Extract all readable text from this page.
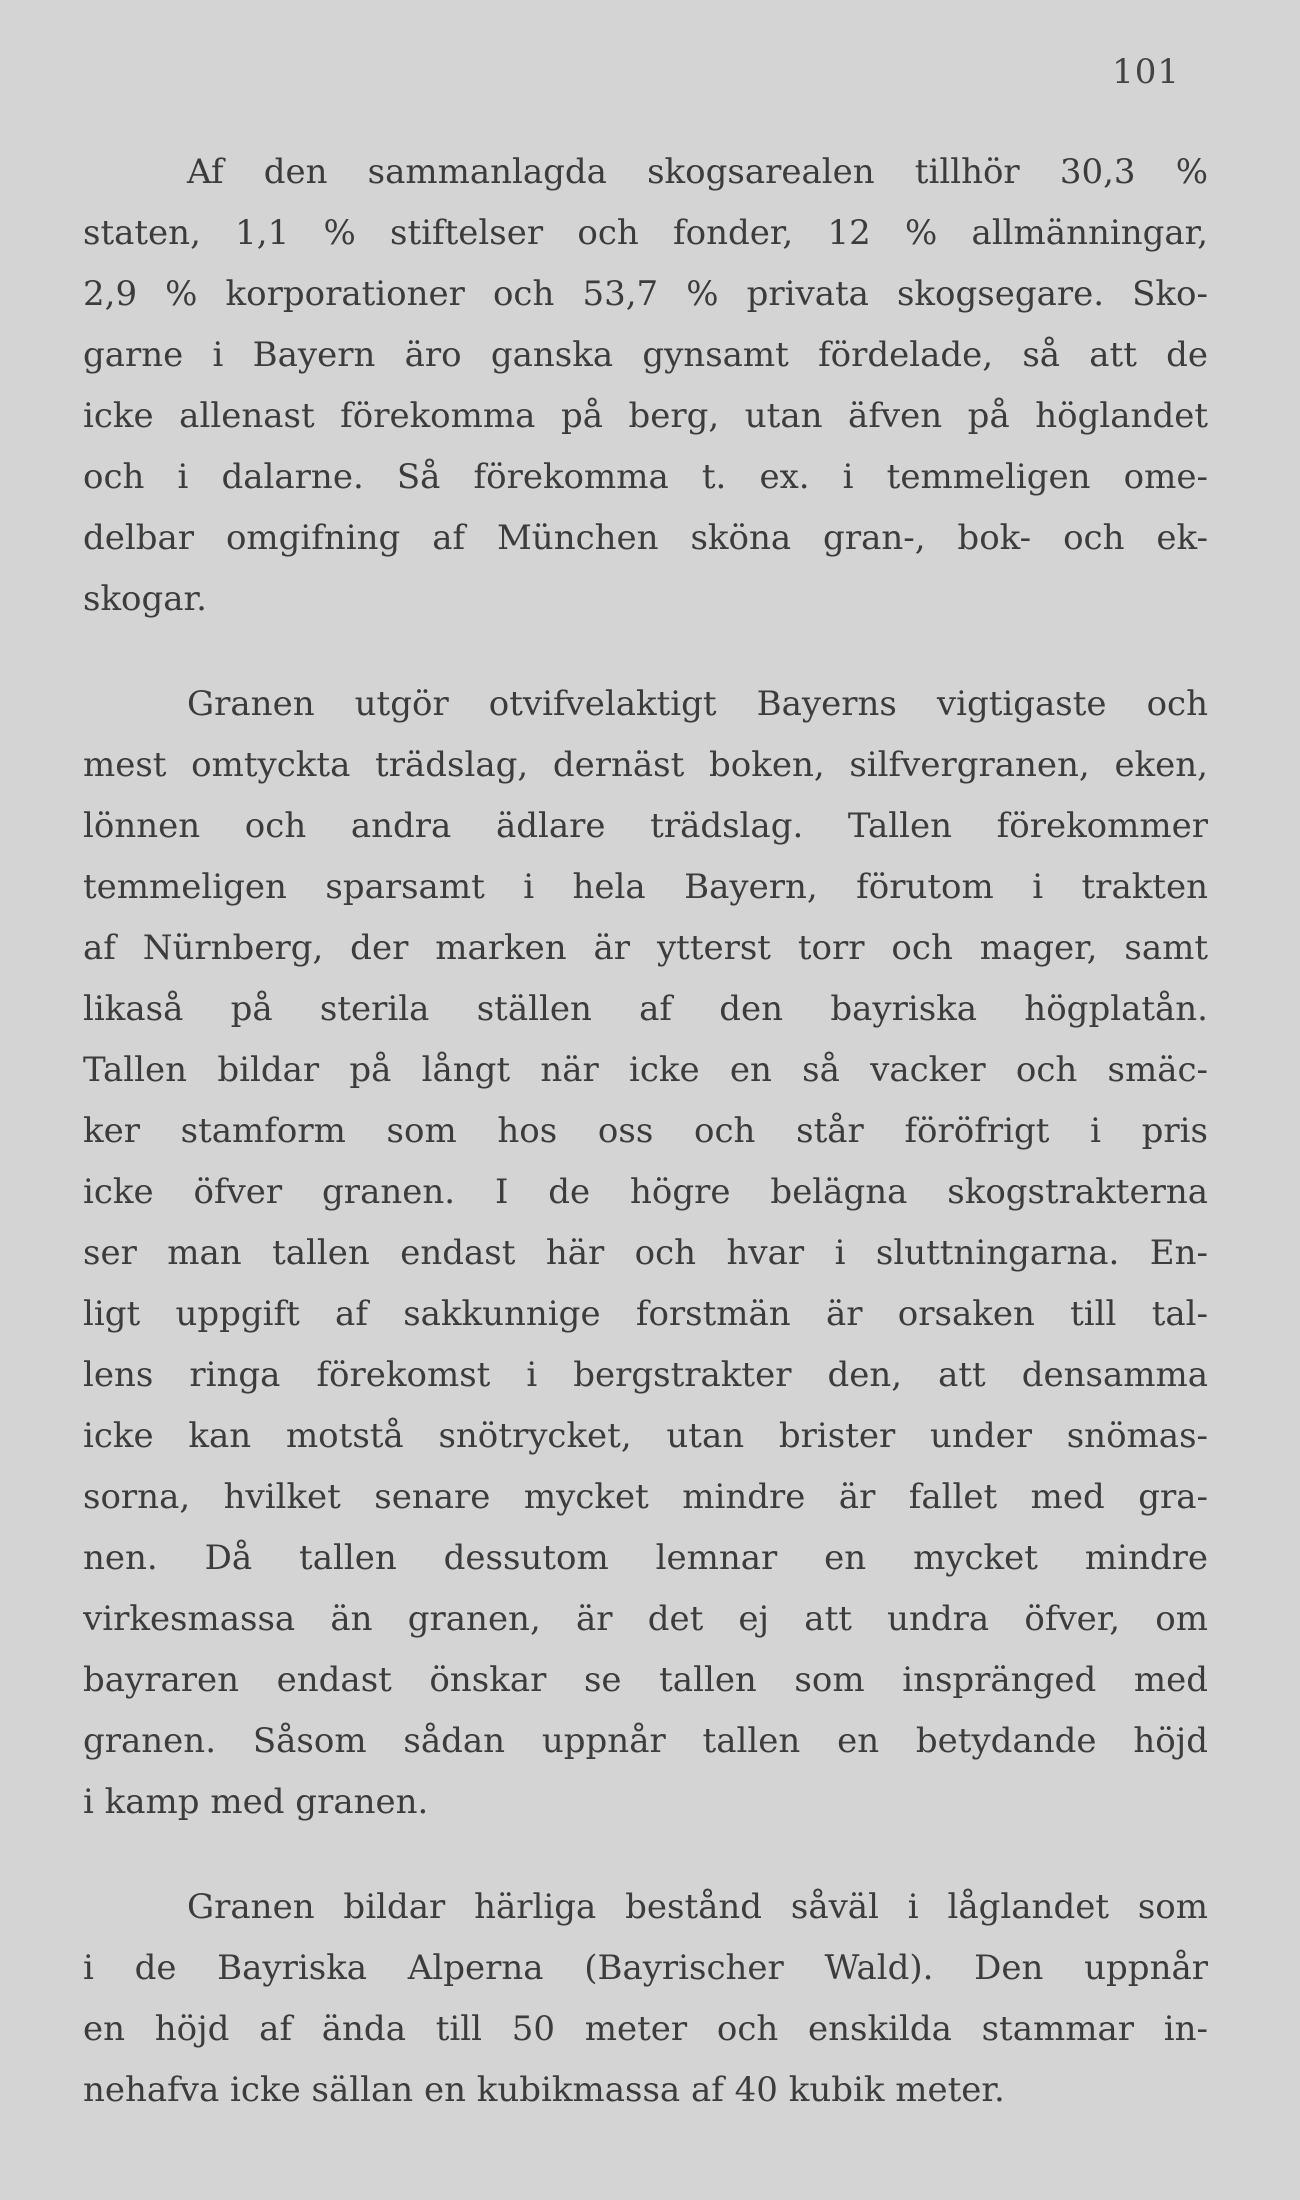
101
Af den sammanlagda skogsarealen tillhör 30,3 %
staten, 1,1 % stiftelser och fonder, 12 % allmänningar,
2,9 % korporationer och 53,7 % privata skogsegare. Sko-
garne i Bayern äro ganska gynsamt fördelade, så att de
icke allenast förekomma på berg, utan äfven på höglandet
och i dalarne. Så förekomma t. ex. i temmeligen ome-
delbar omgifning af München sköna gran-, bok- och ek-
skogar.
Granen utgör otvifvelaktigt Bayerns vigtigaste och
mest omtyckta trädslag, dernäst boken, silfvergranen, eken,
lönnen och andra ädlare trädslag. Tallen förekommer
temmeligen sparsamt i hela Bayern, förutom i trakten
af Nürnberg, der marken är ytterst torr och mager, samt
likaså på sterila ställen af den bayriska högplatån.
Tallen bildar på långt när icke en så vacker och smäc-
ker stamform som hos oss och står föröfrigt i pris
icke öfver granen. I de högre belägna skogstrakterna
ser man tallen endast här och hvar i sluttningarna. En-
ligt uppgift af sakkunnige forstmän är orsaken till tal-
lens ringa förekomst i bergstrakter den, att densamma
icke kan motstå snötrycket, utan brister under snömas-
sorna, hvilket senare mycket mindre är fallet med gra-
nen. Då tallen dessutom lemnar en mycket mindre
virkesmassa än granen, är det ej att undra öfver, om
bayraren endast önskar se tallen som inspränged med
granen. Såsom sådan uppnår tallen en betydande höjd
i kamp med granen.
Granen bildar härliga bestånd såväl i låglandet som
i de Bayriska Alperna (Bayrischer Wald). Den uppnår
en höjd af ända till 50 meter och enskilda stammar in-
nehafva icke sällan en kubikmassa af 40 kubik meter.
